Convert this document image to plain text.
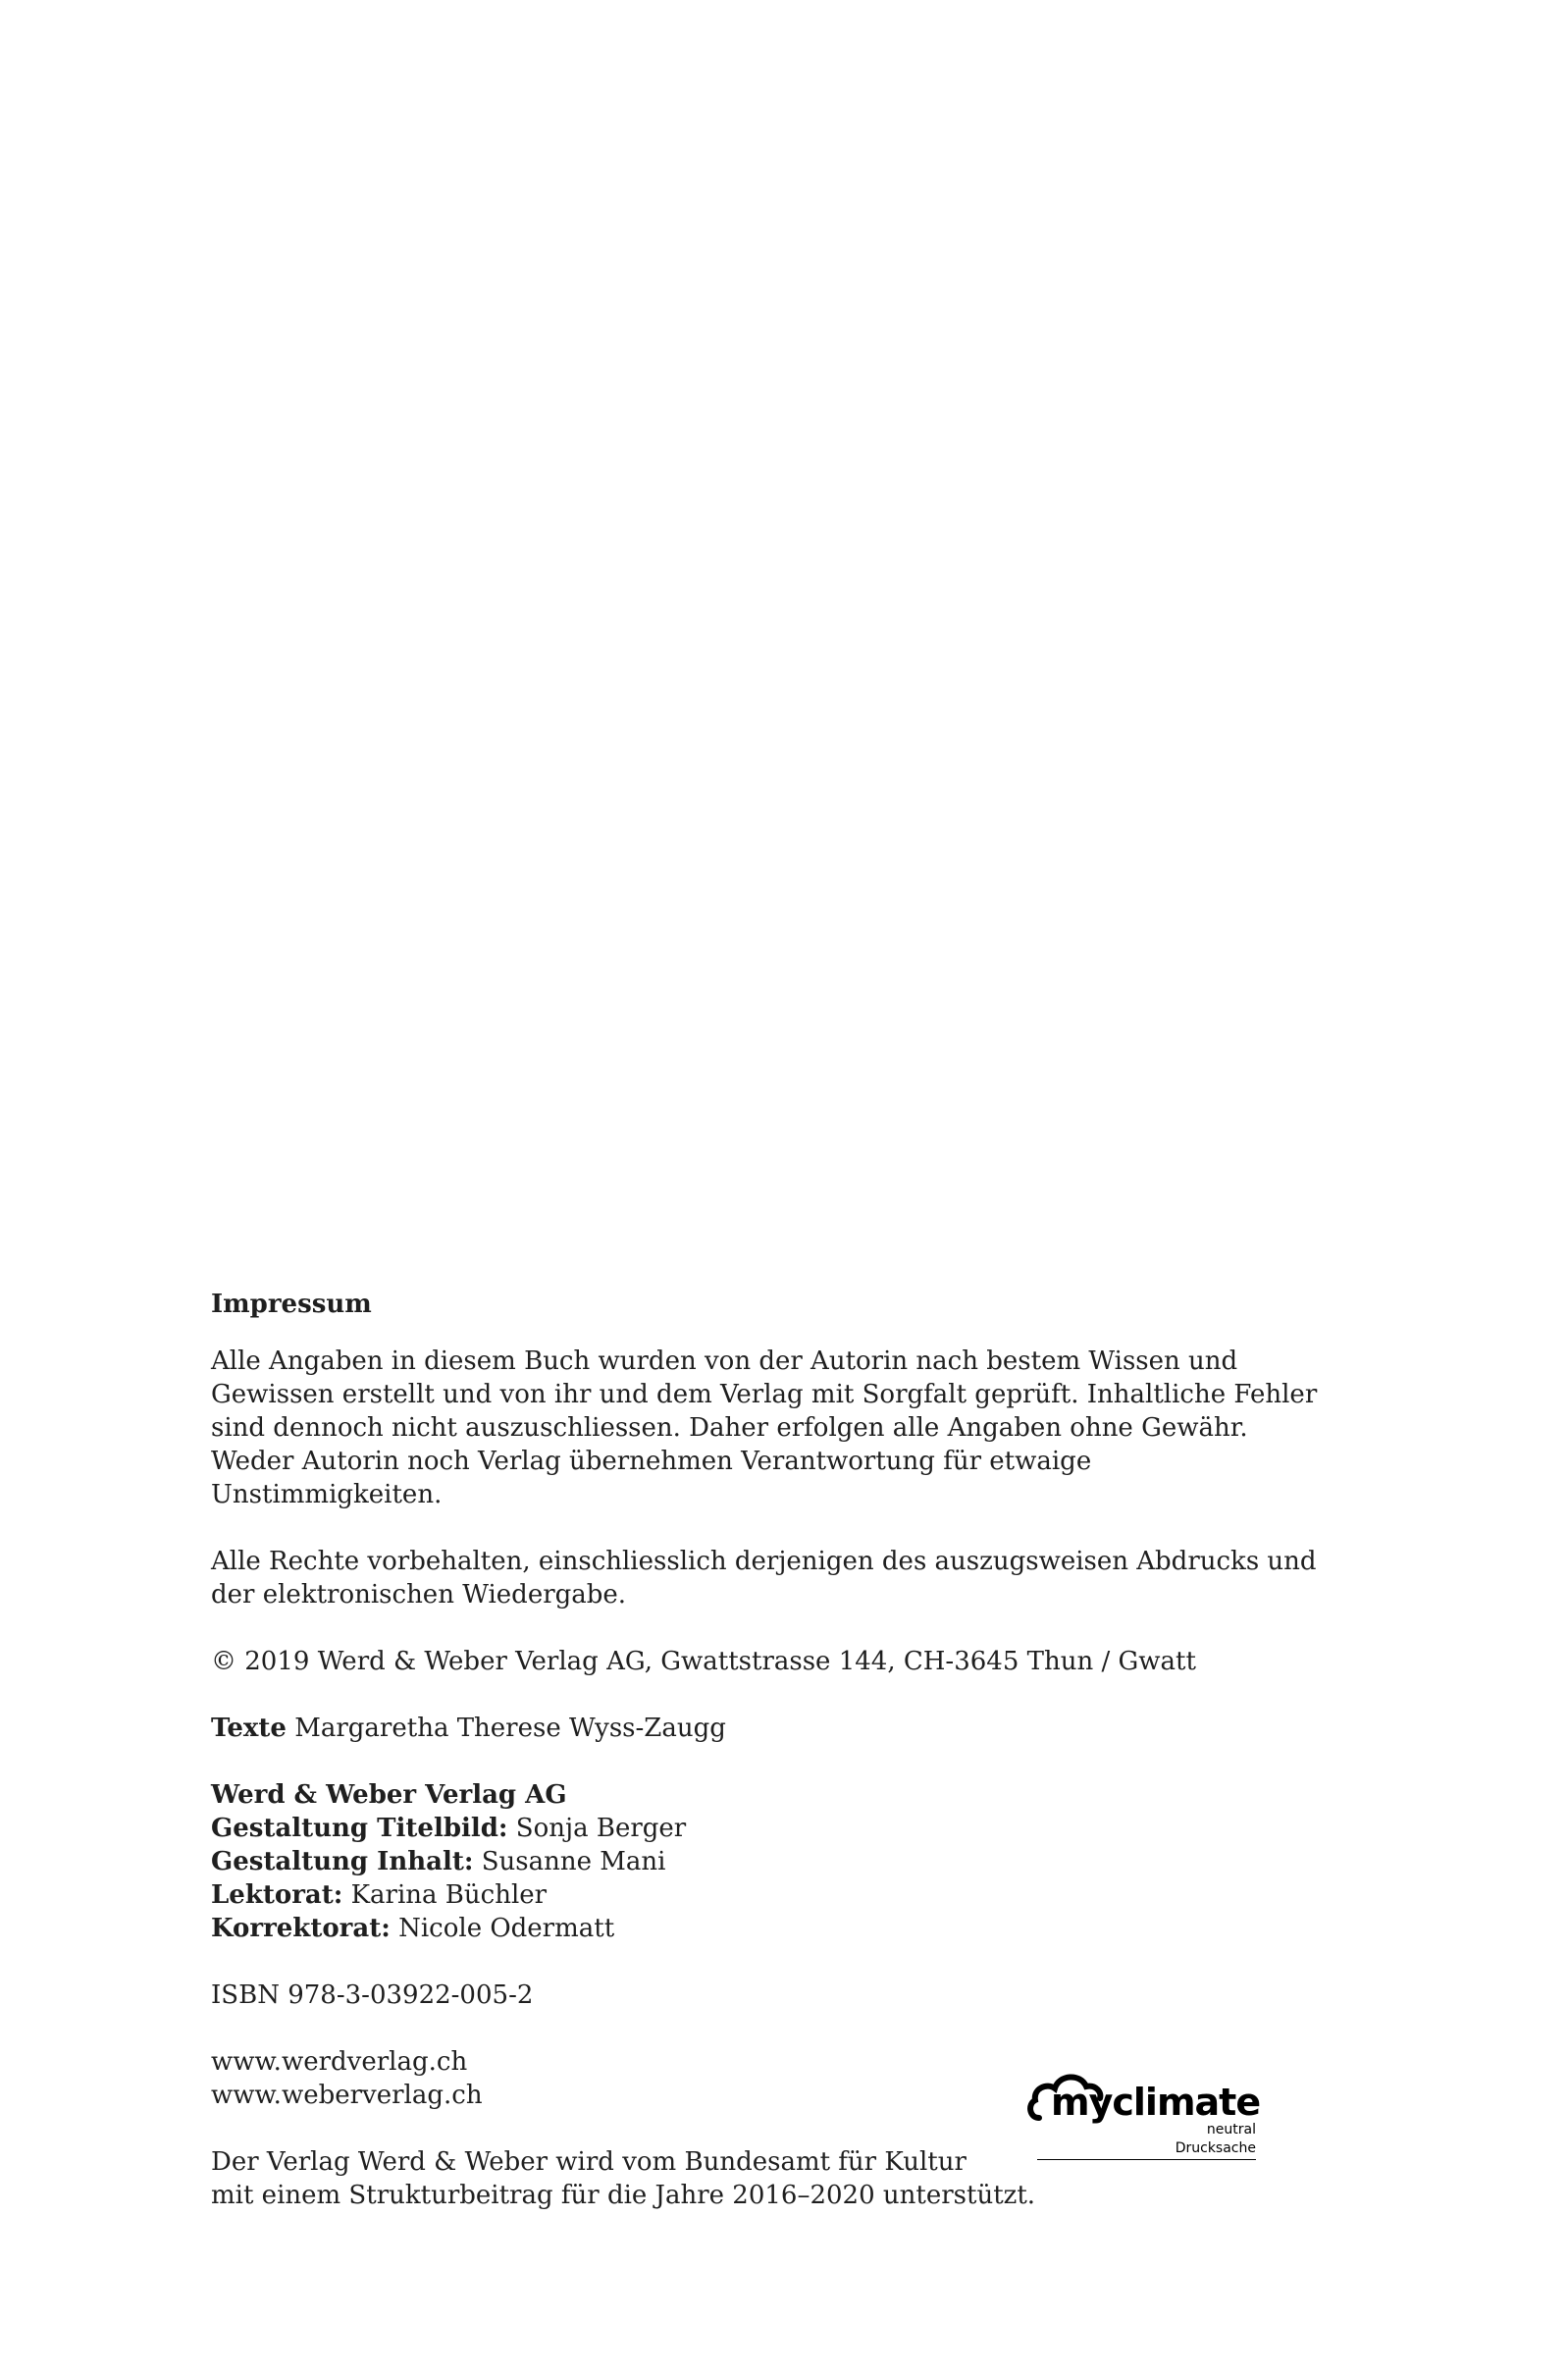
Impressum

Alle Angaben in diesem Buch wurden von der Autorin nach bestem Wissen und

Gewissen erstellt und von ihr und dem Verlag mit Sorgfalt geprüft. Inhaltliche Fehler

sind dennoch nicht auszuschliessen. Daher erfolgen alle Angaben ohne Gewähr.

Weder Autorin noch Verlag übernehmen Verantwortung für etwaige Unstimmigkeiten.

Alle Rechte vorbehalten, einschliesslich derjenigen des auszugsweisen Abdrucks und

der elektronischen Wiedergabe.

© 2019 Werd & Weber Verlag AG, Gwattstrasse 144, CH-3645 Thun / Gwatt

Texte Margaretha Therese Wyss-Zaugg

Werd & Weber Verlag AG

Gestaltung Titelbild: Sonja Berger

Gestaltung Inhalt: Susanne Mani

Lektorat: Karina Büchler

Korrektorat: Nicole Odermatt

ISBN 978-3-03922-005-2

www.werdverlag.ch

www.weberverlag.ch

Der Verlag Werd & Weber wird vom Bundesamt für Kultur

mit einem Strukturbeitrag für die Jahre 2016–2020 unterstützt.

myclimate
neutral
Drucksache
